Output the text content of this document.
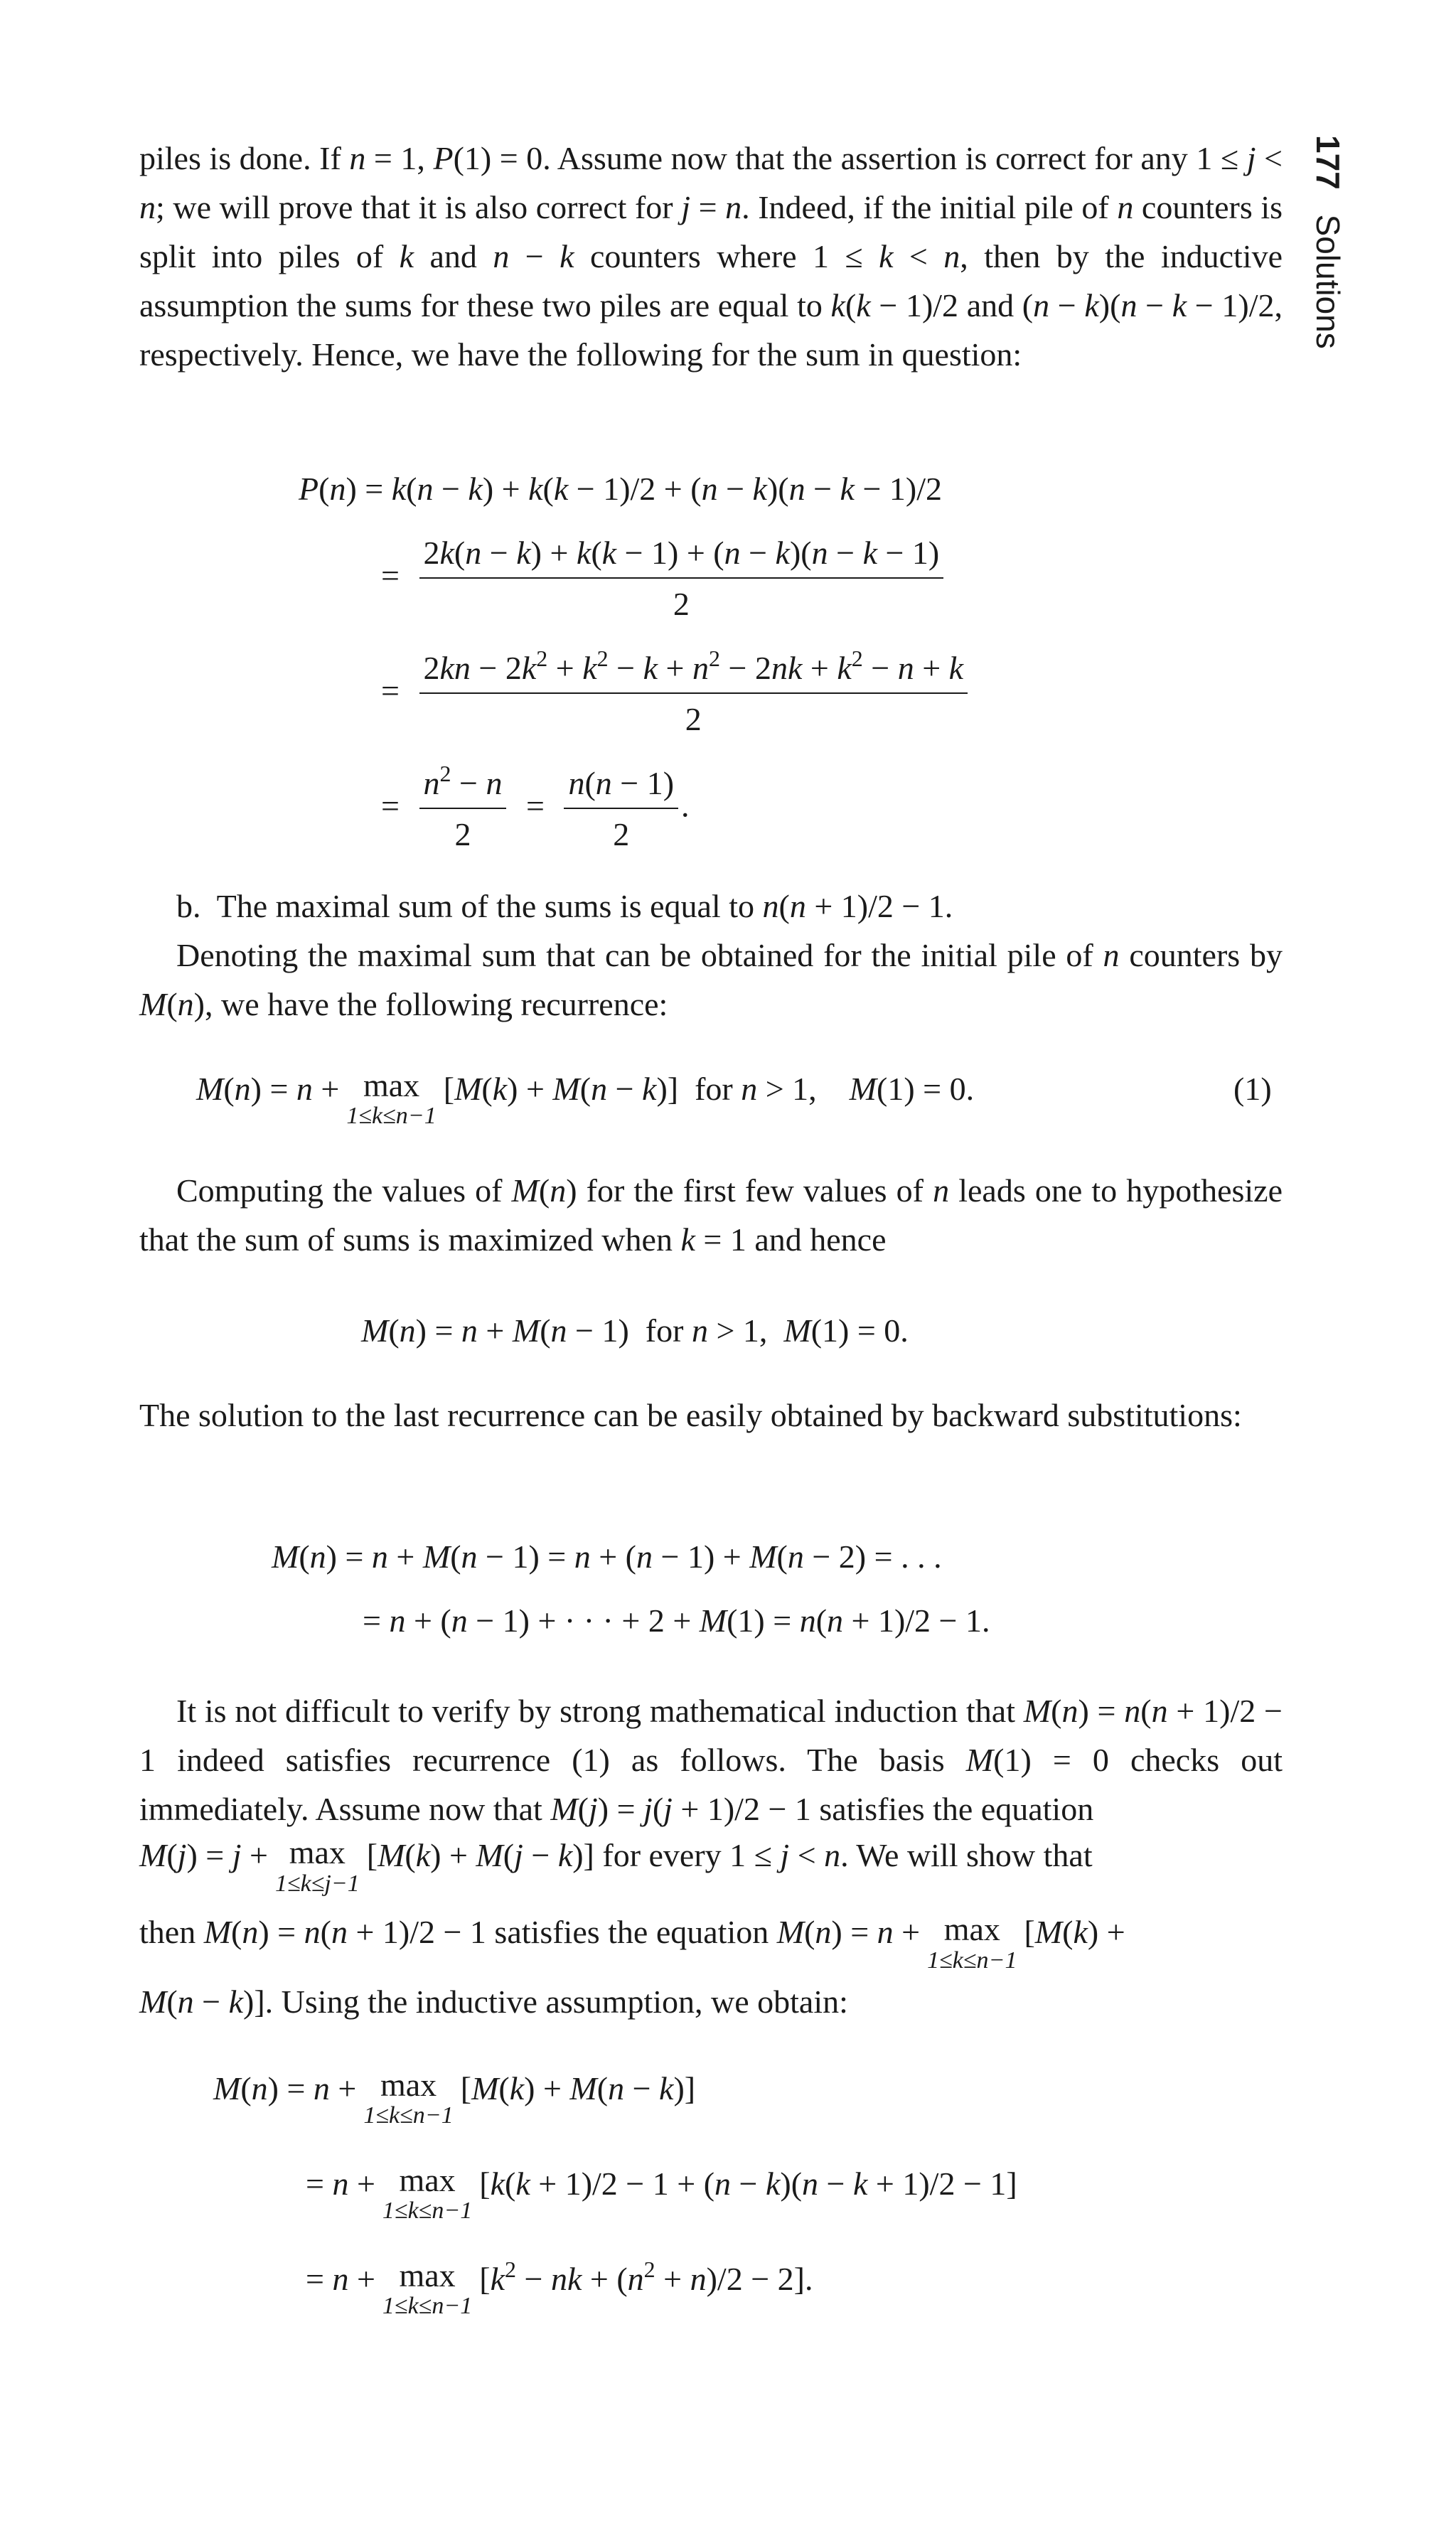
177 Solutions

piles is done. If n = 1, P(1) = 0. Assume now that the assertion is correct for any 1 ≤ j < n; we will prove that it is also correct for j = n. Indeed, if the initial pile of n counters is split into piles of k and n − k counters where 1 ≤ k < n, then by the inductive assumption the sums for these two piles are equal to k(k − 1)/2 and (n − k)(n − k − 1)/2, respectively. Hence, we have the following for the sum in question:

P(n) = k(n − k) + k(k − 1)/2 + (n − k)(n − k − 1)/2
= $\frac{2k(n - k) + k(k - 1) + (n - k)(n - k - 1)}{2}$
= $\frac{2kn - 2k^2 + k^2 - k + n^2 - 2nk + k^2 - n + k}{2}$
= $\frac{n^2 - n}{2} = \frac{n(n - 1)}{2}$ .

b.  The maximal sum of the sums is equal to n(n + 1)/2 − 1.

Denoting the maximal sum that can be obtained for the initial pile of n counters by M(n), we have the following recurrence:

M(n) = n + max
1≤k≤n−1
[M(k) + M(n − k)]  for n > 1,    M(1) = 0.	(1)

Computing the values of M(n) for the first few values of n leads one to hypothesize that the sum of sums is maximized when k = 1 and hence

M(n) = n + M(n − 1)  for n > 1,  M(1) = 0.

The solution to the last recurrence can be easily obtained by backward substitutions:

M(n) = n + M(n − 1) = n + (n − 1) + M(n − 2) = . . .
= n + (n − 1) + · · · + 2 + M(1) = n(n + 1)/2 − 1.

It is not difficult to verify by strong mathematical induction that M(n) = n(n + 1)/2 − 1 indeed satisfies recurrence (1) as follows. The basis M(1) = 0 checks out immediately. Assume now that M(j) = j(j + 1)/2 − 1 satisfies the equation

M(j) = j + max
1≤k≤j−1
[M(k) + M(j − k)] for every 1 ≤ j < n. We will show that
then M(n) = n(n + 1)/2 − 1 satisfies the equation M(n) = n + max
1≤k≤n−1
[M(k) +
M(n − k)]. Using the inductive assumption, we obtain:
M(n) = n + max
1≤k≤n−1
[M(k) + M(n − k)]
= n + max
1≤k≤n−1
[k(k + 1)/2 − 1 + (n − k)(n − k + 1)/2 − 1]
= n + max
1≤k≤n−1
[$k^2$ − nk + $(n^2 + n)/2 - 2$].
